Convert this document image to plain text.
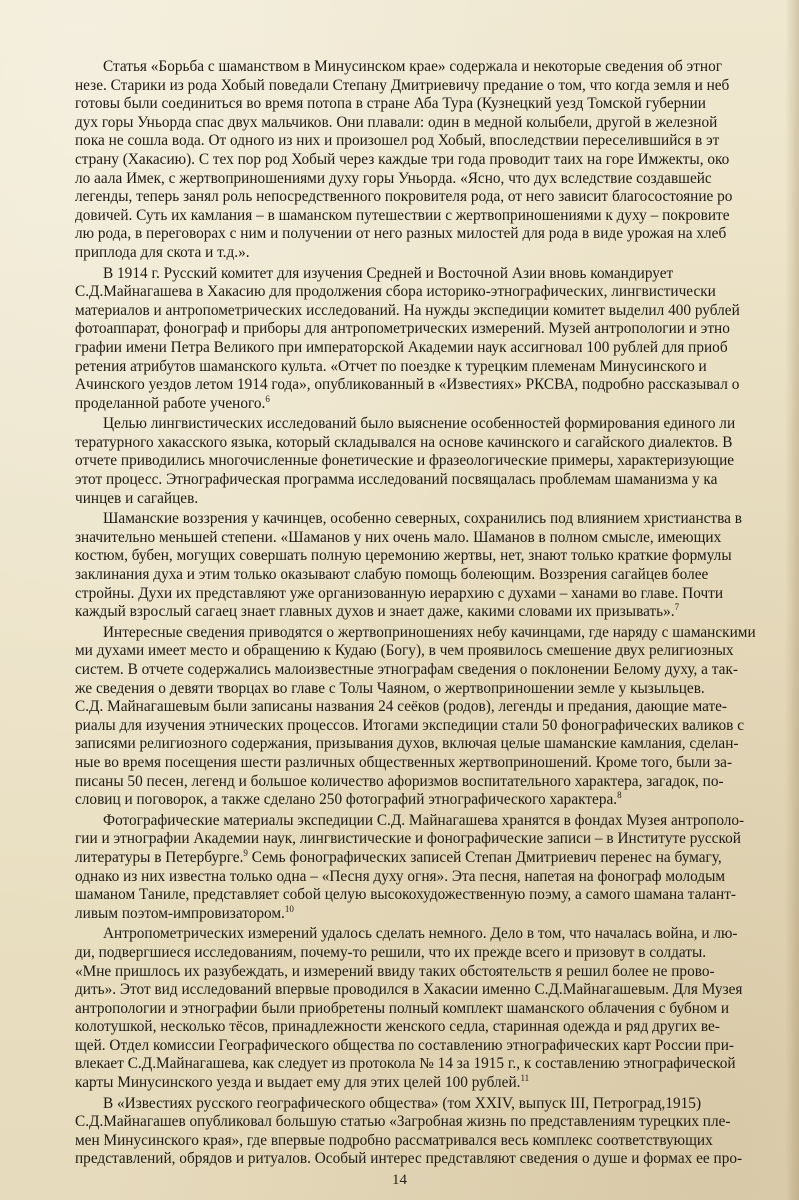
Статья «Борьба с шаманством в Минусинском крае» содержала и некоторые сведения об этног
незе. Старики из рода Хобый поведали Степану Дмитриевичу предание о том, что когда земля и неб
готовы были соединиться во время потопа в стране Аба Тура (Кузнецкий уезд Томской губернии
дух горы Уньорда спас двух мальчиков. Они плавали: один в медной колыбели, другой в железной
пока не сошла вода. От одного из них и произошел род Хобый, впоследствии переселившийся в эт
страну (Хакасию). С тех пор род Хобый через каждые три года проводит таих на горе Имжекты, око
ло аала Имек, с жертвоприношениями духу горы Уньорда. «Ясно, что дух вследствие создавшейс
легенды, теперь занял роль непосредственного покровителя рода, от него зависит благосостояние ро
довичей. Суть их камлания – в шаманском путешествии с жертвоприношениями к духу – покровите
лю рода, в переговорах с ним и получении от него разных милостей для рода в виде урожая на хлеб
приплода для скота и т.д.».
В 1914 г. Русский комитет для изучения Средней и Восточной Азии вновь командирует
С.Д.Майнагашева в Хакасию для продолжения сбора историко-этнографических, лингвистически
материалов и антропометрических исследований. На нужды экспедиции комитет выделил 400 рублей
фотоаппарат, фонограф и приборы для антропометрических измерений. Музей антропологии и этно
графии имени Петра Великого при императорской Академии наук ассигновал 100 рублей для приоб
ретения атрибутов шаманского культа. «Отчет по поездке к турецким племенам Минусинского и
Ачинского уездов летом 1914 года», опубликованный в «Известиях» РКСВА, подробно рассказывал о
проделанной работе ученого.$^6$
Целью лингвистических исследований было выяснение особенностей формирования единого ли
тературного хакасского языка, который складывался на основе качинского и сагайского диалектов. В
отчете приводились многочисленные фонетические и фразеологические примеры, характеризующие
этот процесс. Этнографическая программа исследований посвящалась проблемам шаманизма у ка
чинцев и сагайцев.
Шаманские воззрения у качинцев, особенно северных, сохранились под влиянием христианства в
значительно меньшей степени. «Шаманов у них очень мало. Шаманов в полном смысле, имеющих
костюм, бубен, могущих совершать полную церемонию жертвы, нет, знают только краткие формулы
заклинания духа и этим только оказывают слабую помощь болеющим. Воззрения сагайцев более
стройны. Духи их представляют уже организованную иерархию с духами – ханами во главе. Почти
каждый взрослый сагаец знает главных духов и знает даже, какими словами их призывать».$^7$
Интересные сведения приводятся о жертвоприношениях небу качинцами, где наряду с шаманскими
ми духами имеет место и обращению к Кудаю (Богу), в чем проявилось смешение двух религиозных
систем. В отчете содержались малоизвестные этнографам сведения о поклонении Белому духу, а так-
же сведения о девяти творцах во главе с Толы Чаяном, о жертвоприношении земле у кызыльцев.
С.Д. Майнагашевым были записаны названия 24 сеёков (родов), легенды и предания, дающие мате-
риалы для изучения этнических процессов. Итогами экспедиции стали 50 фонографических валиков с
записями религиозного содержания, призывания духов, включая целые шаманские камлания, сделан-
ные во время посещения шести различных общественных жертвоприношений. Кроме того, были за-
писаны 50 песен, легенд и большое количество афоризмов воспитательного характера, загадок, по-
словиц и поговорок, а также сделано 250 фотографий этнографического характера.$^8$
Фотографические материалы экспедиции С.Д. Майнагашева хранятся в фондах Музея антрополо-
гии и этнографии Академии наук, лингвистические и фонографические записи – в Институте русской
литературы в Петербурге.$^9$ Семь фонографических записей Степан Дмитриевич перенес на бумагу,
однако из них известна только одна – «Песня духу огня». Эта песня, напетая на фонограф молодым
шаманом Таниле, представляет собой целую высокохудожественную поэму, а самого шамана талант-
ливым поэтом-импровизатором.$^{10}$
Антропометрических измерений удалось сделать немного. Дело в том, что началась война, и лю-
ди, подвергшиеся исследованиям, почему-то решили, что их прежде всего и призовут в солдаты.
«Мне пришлось их разубеждать, и измерений ввиду таких обстоятельств я решил более не прово-
дить». Этот вид исследований впервые проводился в Хакасии именно С.Д.Майнагашевым. Для Музея
антропологии и этнографии были приобретены полный комплект шаманского облачения с бубном и
колотушкой, несколько тёсов, принадлежности женского седла, старинная одежда и ряд других ве-
щей. Отдел комиссии Географического общества по составлению этнографических карт России при-
влекает С.Д.Майнагашева, как следует из протокола № 14 за 1915 г., к составлению этнографической
карты Минусинского уезда и выдает ему для этих целей 100 рублей.$^{11}$
В «Известиях русского географического общества» (том XXIV, выпуск III, Петроград,1915)
С.Д.Майнагашев опубликовал большую статью «Загробная жизнь по представлениям турецких пле-
мен Минусинского края», где впервые подробно рассматривался весь комплекс соответствующих
представлений, обрядов и ритуалов. Особый интерес представляют сведения о душе и формах ее про-
14
